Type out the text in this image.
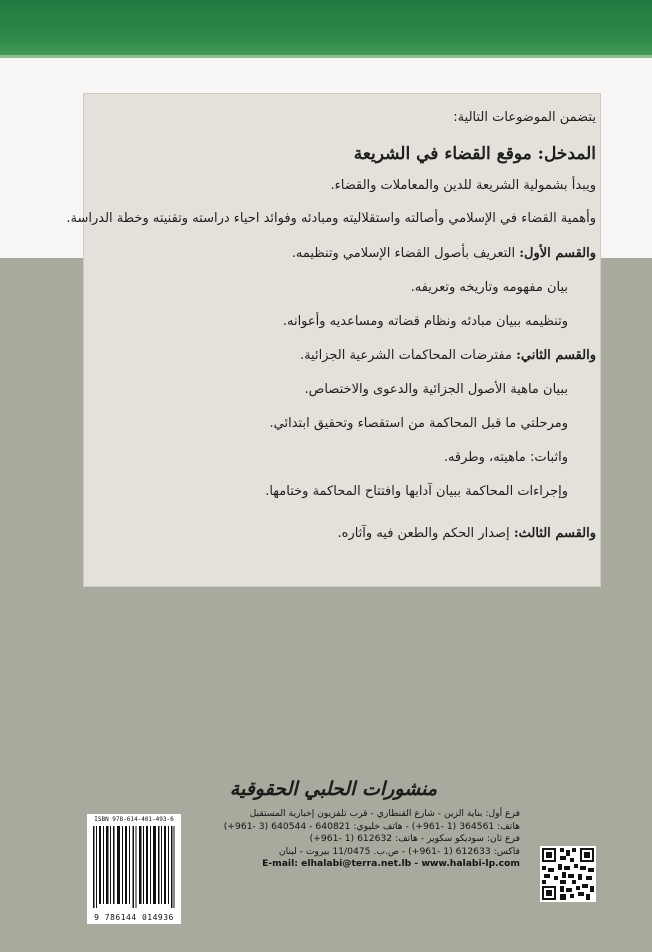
يتضمن الموضوعات التالية:

المدخل: موقع القضاء في الشريعة

ويبدأ بشمولية الشريعة للدين والمعاملات والقضاء.

وأهمية القضاء في الإسلامي وأصالته واستقلاليته ومبادئه وفوائد احياء دراسته وتقنيته وخطة الدراسة.

والقسم الأول: التعريف بأصول القضاء الإسلامي وتنظيمه.

بيان مفهومه وتاريخه وتعريفه.

وتنظيمه ببيان مبادئه ونظام قضاته ومساعديه وأعوانه.

والقسم الثاني: مفترضات المحاكمات الشرعية الجزائية.

ببيان ماهية الأصول الجزائية والدعوى والاختصاص.

ومرحلتي ما قبل المحاكمة من استقصاء وتحقيق ابتدائي.

واثبات: ماهيته، وطرقه.

وإجراءات المحاكمة ببيان آدابها وافتتاح المحاكمة وختامها.

والقسم الثالث: إصدار الحكم والطعن فيه وآثاره.

منشورات الحلبي الحقوقية
فرع أول: بناية الزين - شارع القنطاري - قرب تلفزيون إخبارية المستقبل
هاتف: 364561 (1 -961+) - هاتف خليوي: 640821 - 640544 (3 -961+)
فرع ثان: سوديكو سكوير - هاتف: 612632 (1 -961+)
فاكس: 612633 (1 -961+) - ص.ب. 11/0475 بيروت - لبنان
E-mail: elhalabi@terra.net.lb - www.halabi-lp.com
ISBN 978-614-401-493-6
9 786144 014936
